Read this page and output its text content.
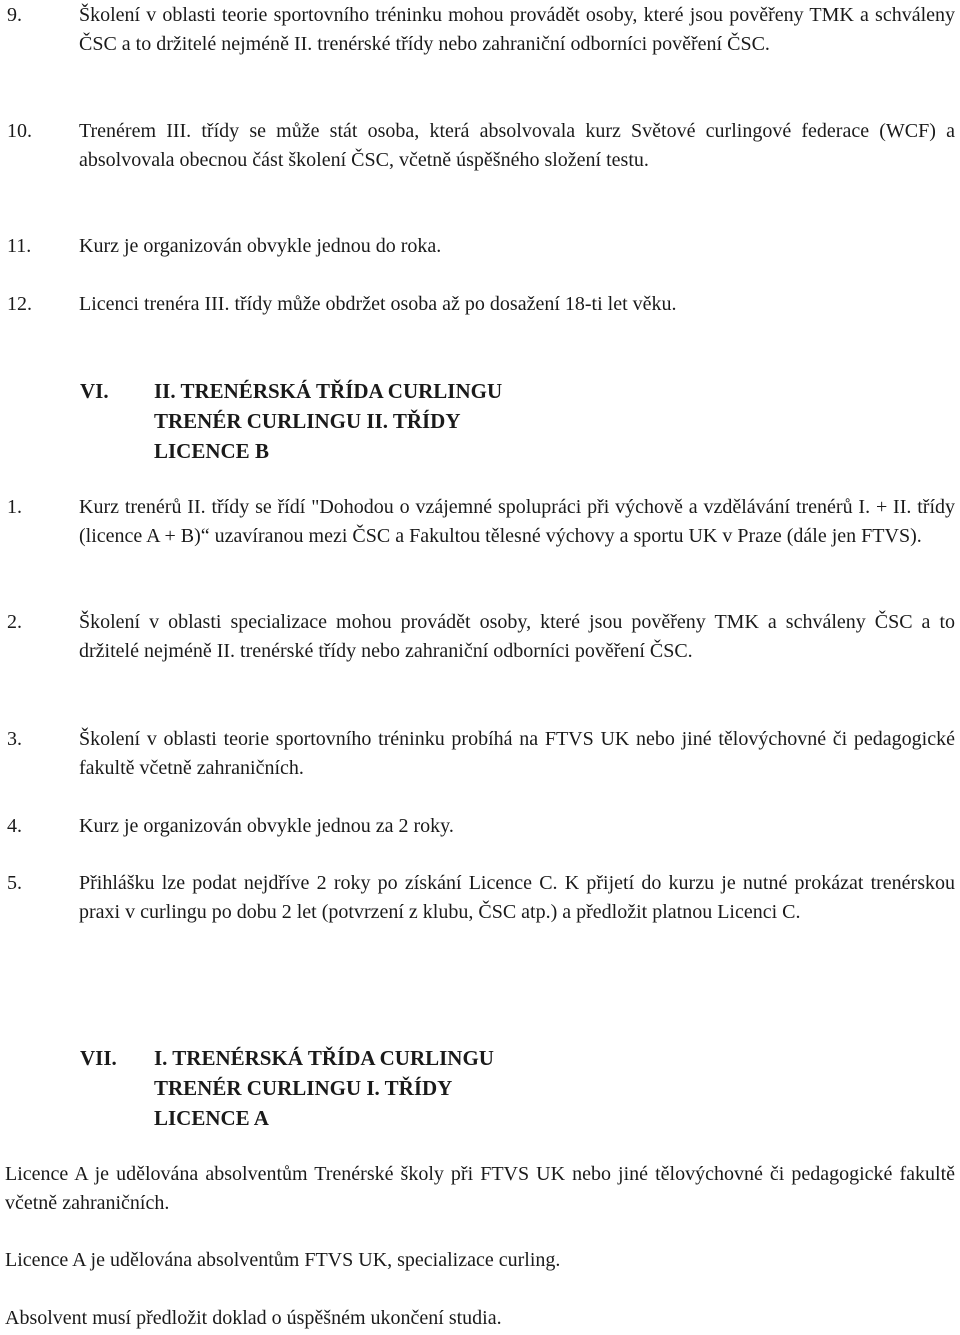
9.	Školení v oblasti teorie sportovního tréninku mohou provádět osoby, které jsou pověřeny TMK a schváleny ČSC a to držitelé nejméně II. trenérské třídy nebo zahraniční odborníci pověření ČSC.
10. Trenérem III. třídy se může stát osoba, která absolvovala kurz Světové curlingové federace (WCF) a absolvovala obecnou část školení ČSC, včetně úspěšného složení testu.
11. Kurz je organizován obvykle jednou do roka.
12. Licenci trenéra III. třídy může obdržet osoba až po dosažení 18-ti let věku.
VI. II. TRENÉRSKÁ TŘÍDA CURLINGU
TRENÉR CURLINGU II. TŘÍDY
LICENCE B
1.	Kurz trenérů II. třídy se řídí "Dohodou o vzájemné spolupráci při výchově a vzdělávání trenérů I. + II. třídy (licence A + B)“ uzavíranou mezi ČSC a Fakultou tělesné výchovy a sportu UK v Praze (dále jen FTVS).
2.	Školení v oblasti specializace mohou provádět osoby, které jsou pověřeny TMK a schváleny ČSC a to držitelé nejméně II. trenérské třídy nebo zahraniční odborníci pověření ČSC.
3.	Školení v oblasti teorie sportovního tréninku probíhá na FTVS UK nebo jiné tělovýchovné či pedagogické fakultě včetně zahraničních.
4.	Kurz je organizován obvykle jednou za 2 roky.
5.	Přihlášku lze podat nejdříve 2 roky po získání Licence C. K přijetí do kurzu je nutné prokázat trenérskou praxi v curlingu po dobu 2 let (potvrzení z klubu, ČSC atp.) a předložit platnou Licenci C.
VII. I. TRENÉRSKÁ TŘÍDA CURLINGU
TRENÉR CURLINGU I. TŘÍDY
LICENCE A
Licence A je udělována absolventům Trenérské školy při FTVS UK nebo jiné tělovýchovné či pedagogické fakultě včetně zahraničních.
Licence A je udělována absolventům FTVS UK, specializace curling.
Absolvent musí předložit doklad o úspěšném ukončení studia.
